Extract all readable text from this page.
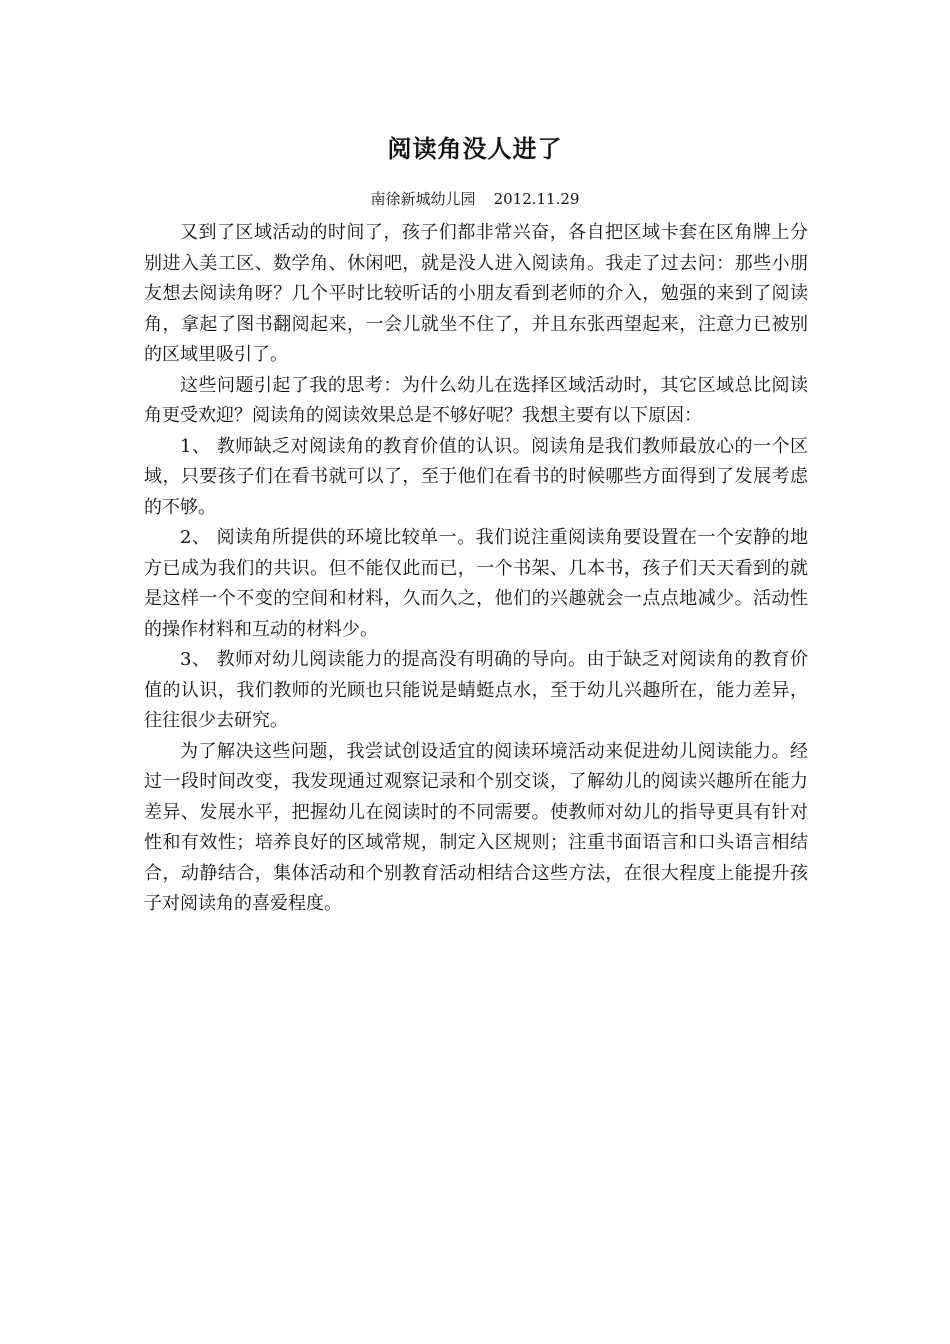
阅读角没人进了
南徐新城幼儿园 2012.11.29

又到了区域活动的时间了，孩子们都非常兴奋，各自把区域卡套在区角牌上分别进入美工区、数学角、休闲吧，就是没人进入阅读角。我走了过去问：那些小朋友想去阅读角呀？几个平时比较听话的小朋友看到老师的介入，勉强的来到了阅读角，拿起了图书翻阅起来，一会儿就坐不住了，并且东张西望起来，注意力已被别的区域里吸引了。

这些问题引起了我的思考：为什么幼儿在选择区域活动时，其它区域总比阅读角更受欢迎？阅读角的阅读效果总是不够好呢？我想主要有以下原因：

1、 教师缺乏对阅读角的教育价值的认识。阅读角是我们教师最放心的一个区域，只要孩子们在看书就可以了，至于他们在看书的时候哪些方面得到了发展考虑的不够。

2、 阅读角所提供的环境比较单一。我们说注重阅读角要设置在一个安静的地方已成为我们的共识。但不能仅此而已，一个书架、几本书，孩子们天天看到的就是这样一个不变的空间和材料，久而久之，他们的兴趣就会一点点地减少。活动性的操作材料和互动的材料少。

3、 教师对幼儿阅读能力的提高没有明确的导向。由于缺乏对阅读角的教育价值的认识，我们教师的光顾也只能说是蜻蜓点水，至于幼儿兴趣所在，能力差异，往往很少去研究。

为了解决这些问题，我尝试创设适宜的阅读环境活动来促进幼儿阅读能力。经过一段时间改变，我发现通过观察记录和个别交谈，了解幼儿的阅读兴趣所在能力差异、发展水平，把握幼儿在阅读时的不同需要。使教师对幼儿的指导更具有针对性和有效性；培养良好的区域常规，制定入区规则；注重书面语言和口头语言相结合，动静结合，集体活动和个别教育活动相结合这些方法，在很大程度上能提升孩子对阅读角的喜爱程度。
